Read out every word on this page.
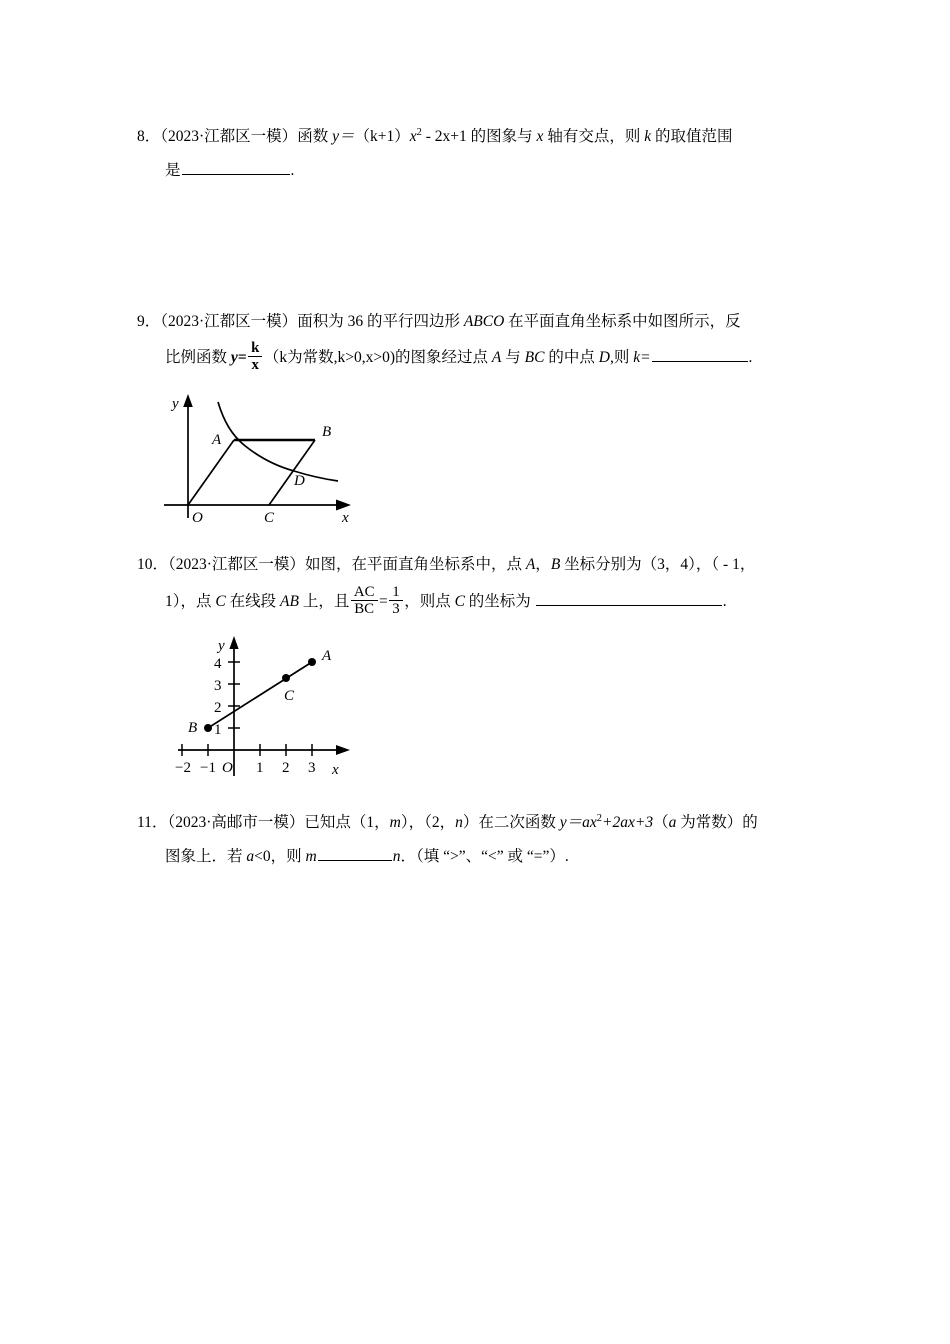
8．（2023·江都区一模）函数 $y=(k+1)x^2 - 2x+1$ 的图象与 x 轴有交点，则 k 的取值范围
是	.
9．（2023·江都区一模）面积为 36 的平行四边形 ABCO 在平面直角坐标系中如图所示，反
比例函数 $y= \frac{k}{x} (k$为常数,k>0,x>0)的图象经过点 A 与 BC 的中点 D,则 k=	.
A	B
C
D
O	x
y
10．（2023·江都区一模）如图，在平面直角坐标系中，点 A，B 坐标分别为（3，4），（ - 1，
1），点 C 在线段 AB 上，且 $\frac{AC}{BC} = \frac{1}{3}$ ，则点 C 的坐标为	.
−2 −1 O 1 2 3
1
2
3
4	A
C
B
x
y
11．（2023·高邮市一模）已知点（1，m），（2，n）在二次函数 $y=ax^2+2ax+3(a$ 为常数）的
图象上．若 a<0，则 m	n．（填 “>”、“<” 或 “=”）.
